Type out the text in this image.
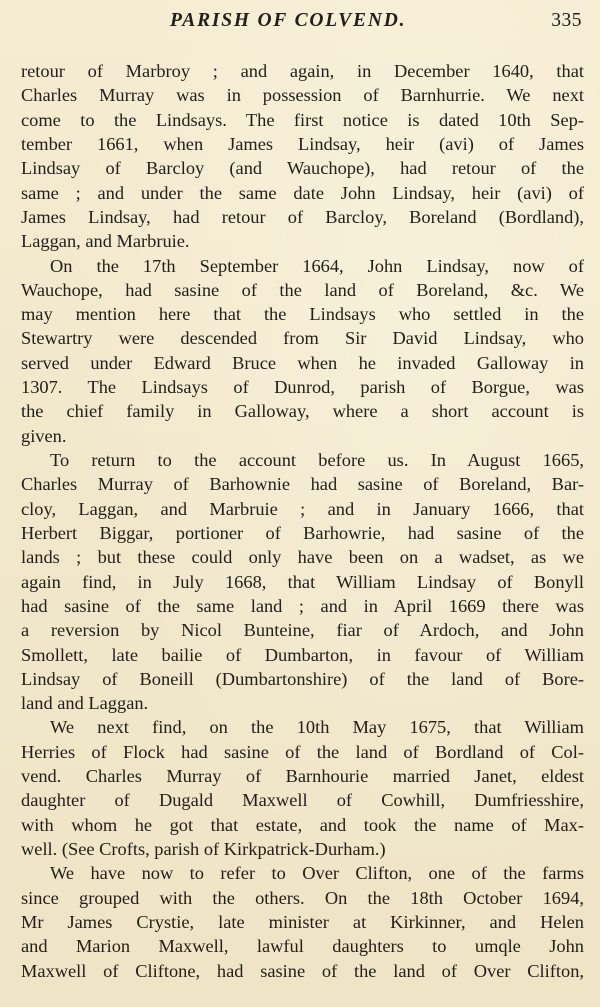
PARISH OF COLVEND.	335
retour of Marbroy ; and again, in December 1640, that
Charles Murray was in possession of Barnhurrie. We next
come to the Lindsays. The first notice is dated 10th Sep-
tember 1661, when James Lindsay, heir (avi) of James
Lindsay of Barcloy (and Wauchope), had retour of the
same ; and under the same date John Lindsay, heir (avi) of
James Lindsay, had retour of Barcloy, Boreland (Bordland),
Laggan, and Marbruie.
On the 17th September 1664, John Lindsay, now of
Wauchope, had sasine of the land of Boreland, &c. We
may mention here that the Lindsays who settled in the
Stewartry were descended from Sir David Lindsay, who
served under Edward Bruce when he invaded Galloway in
1307. The Lindsays of Dunrod, parish of Borgue, was
the chief family in Galloway, where a short account is
given.
To return to the account before us. In August 1665,
Charles Murray of Barhownie had sasine of Boreland, Bar-
cloy, Laggan, and Marbruie ; and in January 1666, that
Herbert Biggar, portioner of Barhowrie, had sasine of the
lands ; but these could only have been on a wadset, as we
again find, in July 1668, that William Lindsay of Bonyll
had sasine of the same land ; and in April 1669 there was
a reversion by Nicol Bunteine, fiar of Ardoch, and John
Smollett, late bailie of Dumbarton, in favour of William
Lindsay of Boneill (Dumbartonshire) of the land of Bore-
land and Laggan.
We next find, on the 10th May 1675, that William
Herries of Flock had sasine of the land of Bordland of Col-
vend. Charles Murray of Barnhourie married Janet, eldest
daughter of Dugald Maxwell of Cowhill, Dumfriesshire,
with whom he got that estate, and took the name of Max-
well. (See Crofts, parish of Kirkpatrick-Durham.)
We have now to refer to Over Clifton, one of the farms
since grouped with the others. On the 18th October 1694,
Mr James Crystie, late minister at Kirkinner, and Helen
and Marion Maxwell, lawful daughters to umqle John
Maxwell of Cliftone, had sasine of the land of Over Clifton,
